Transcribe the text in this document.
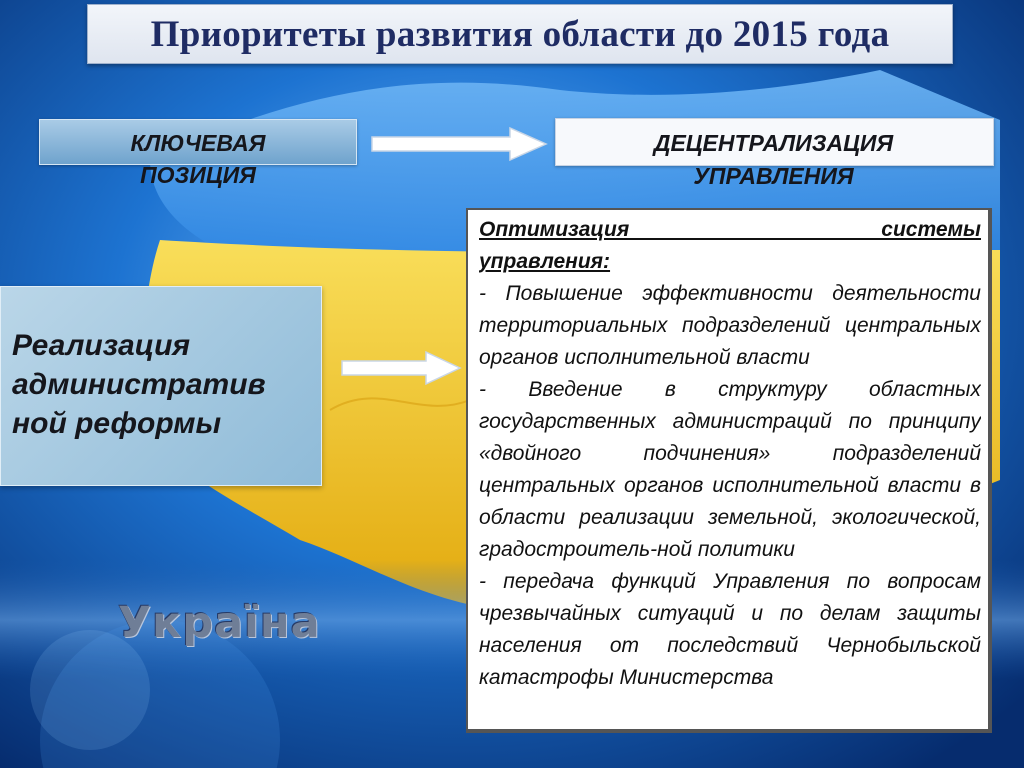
Приоритеты развития области до 2015 года
КЛЮЧЕВАЯ
ПОЗИЦИЯ
ДЕЦЕНТРАЛИЗАЦИЯ
УПРАВЛЕНИЯ
Реализация
административ
ной реформы

Оптимизация системы

управления:

- Повышение эффективности деятельности территориальных подразделений центральных органов исполнительной власти

- Введение в структуру областных государственных администраций по принципу «двойного подчинения» подразделений центральных органов исполнительной власти в области реализации земельной, экологической, градостроитель-ной политики

- передача функций Управления по вопросам чрезвычайных ситуаций и по делам защиты населения от последствий Чернобыльской катастрофы Министерства

Україна
